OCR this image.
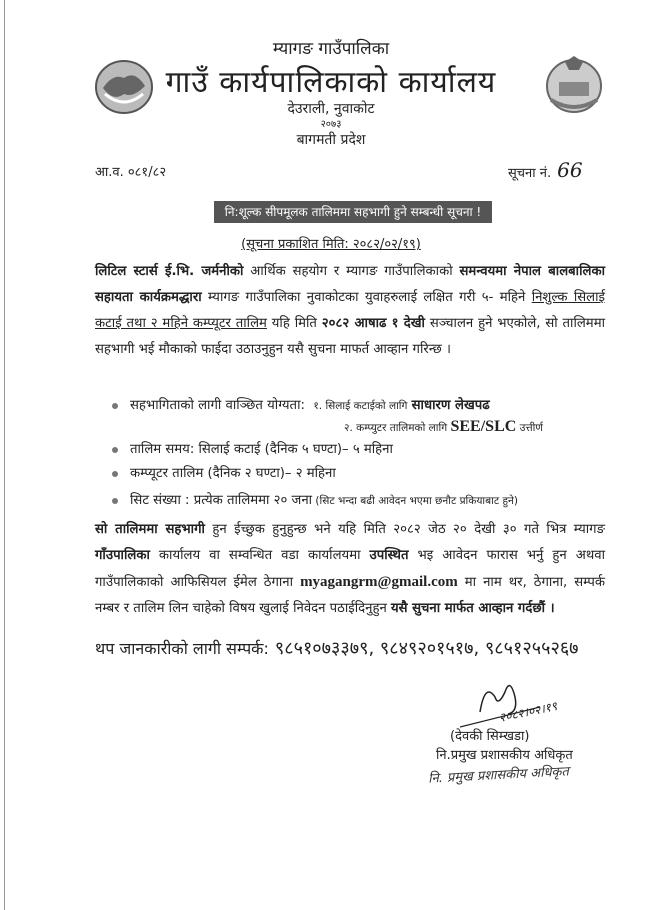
म्यागङ गाउँपालिका
गाउँ कार्यपालिकाको कार्यालय
देउराली, नुवाकोट
२०७३
बागमती प्रदेश
आ.व. ०८१/८२	सूचना नं. 66
नि:शूल्क सीपमूलक तालिममा सहभागी हुने सम्बन्धी सूचना !
(सूचना प्रकाशित मिति: २०८२/०२/१९)
लिटिल स्टार्स ई.भि. जर्मनीको आर्थिक सहयोग र म्यागङ गाउँपालिकाको समन्वयमा नेपाल बालबालिका सहायता कार्यक्रमद्धारा म्यागङ गाउँपालिका नुवाकोटका युवाहरुलाई लक्षित गरी ५- महिने निशुल्क सिलाई कटाई तथा २ महिने कम्प्यूटर तालिम यहि मिति २०८२ आषाढ १ देखी सञ्चालन हुने भएकोले, सो तालिममा सहभागी भई मौकाको फाईदा उठाउनुहुन यसै सुचना माफर्त आव्हान गरिन्छ ।
सहभागिताको लागी वाञ्छित योग्यता: १. सिलाई कटाईको लागि साधारण लेखपढ
२. कम्प्युटर तालिमको लागि SEE/SLC उत्तीर्ण
तालिम समय: सिलाई कटाई (दैनिक ५ घण्टा)– ५ महिना
कम्प्यूटर तालिम (दैनिक २ घण्टा)– २ महिना
सिट संख्या : प्रत्येक तालिममा २० जना (सिट भन्दा बढी आवेदन भएमा छनौट प्रकियाबाट हुने)
सो तालिममा सहभागी हुन ईच्छुक हुनुहुन्छ भने यहि मिति २०८२ जेठ २० देखी ३० गते भित्र म्यागङ गाँउपालिका कार्यालय वा सम्वन्धित वडा कार्यालयमा उपस्थित भइ आवेदन फारास भर्नु हुन अथवा गाउँपालिकाको आफिसियल ईमेल ठेगाना myagangrm@gmail.com मा नाम थर, ठेगाना, सम्पर्क नम्बर र तालिम लिन चाहेको विषय खुलाई निवेदन पठाईदिनुहुन यसै सुचना मार्फत आव्हान गर्दछौं ।
थप जानकारीको लागी सम्पर्क: ९८५१०७३३७९, ९८४९२०१५१७, ९८५१२५५२६७
२०८२।०२।१९
(देवकी सिम्खडा)
नि.प्रमुख प्रशासकीय अधिकृत
नि. प्रमुख प्रशासकीय अधिकृत
